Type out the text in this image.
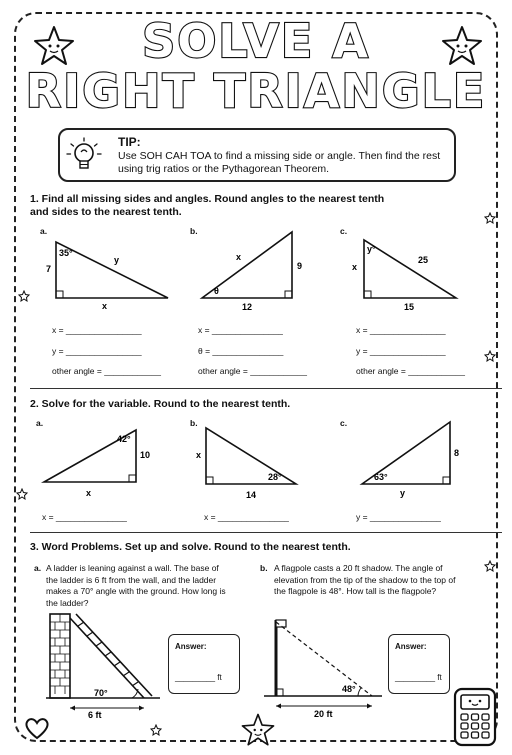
SOLVE A
RIGHT TRIANGLE
TIP:
Use SOH CAH TOA to find a missing side or angle. Then find the rest using trig ratios or the Pythagorean Theorem.
1. Find all missing sides and angles. Round angles to the nearest tenth and sides to the nearest tenth.
a.
35°
7
y
x
x = ________________
y = ________________
other angle = ____________
b.
x
9
θ
12
x = _______________
θ = _______________
other angle = ____________
c.
y°
25
x
15
x = ________________
y = ________________
other angle = ____________
2. Solve for the variable. Round to the nearest tenth.
a.
42°
10
x
x = _______________
b.
x
28°
14
x = _______________
c.
63°
8
y
y = _______________
3. Word Problems. Set up and solve. Round to the nearest tenth.
a. A ladder is leaning against a wall. The base of the ladder is 6 ft from the wall, and the ladder makes a 70° angle with the ground. How long is the ladder?
70°
6 ft
Answer:
_________ ft
b. A flagpole casts a 20 ft shadow. The angle of elevation from the tip of the shadow to the top of the flagpole is 48°. How tall is the flagpole?
48°
20 ft
Answer:
_________ ft
